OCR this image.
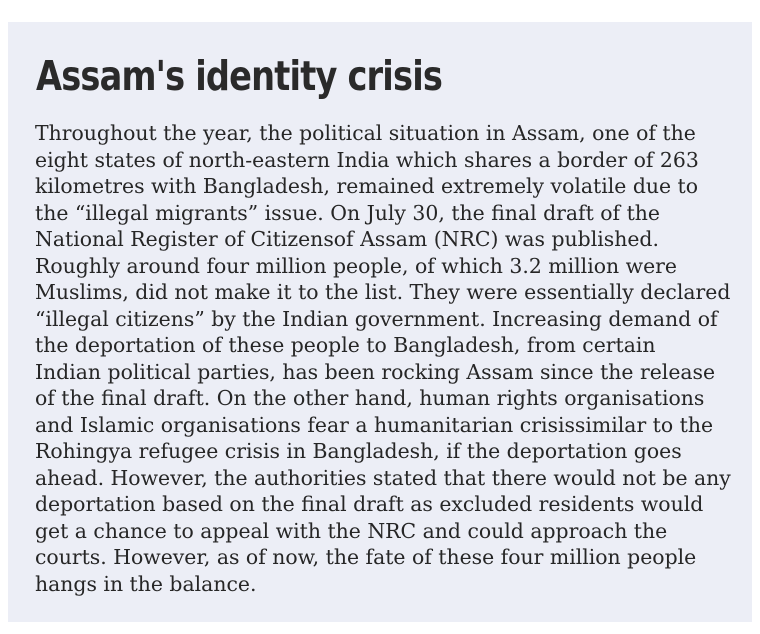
Assam's identity crisis

Throughout the year, the political situation in Assam, one of the
eight states of north-eastern India which shares a border of 263
kilometres with Bangladesh, remained extremely volatile due to
the “illegal migrants” issue. On July 30, the final draft of the
National Register of Citizensof Assam (NRC) was published.
Roughly around four million people, of which 3.2 million were
Muslims, did not make it to the list. They were essentially declared
“illegal citizens” by the Indian government. Increasing demand of
the deportation of these people to Bangladesh, from certain
Indian political parties, has been rocking Assam since the release
of the final draft. On the other hand, human rights organisations
and Islamic organisations fear a humanitarian crisissimilar to the
Rohingya refugee crisis in Bangladesh, if the deportation goes
ahead. However, the authorities stated that there would not be any
deportation based on the final draft as excluded residents would
get a chance to appeal with the NRC and could approach the
courts. However, as of now, the fate of these four million people
hangs in the balance.
